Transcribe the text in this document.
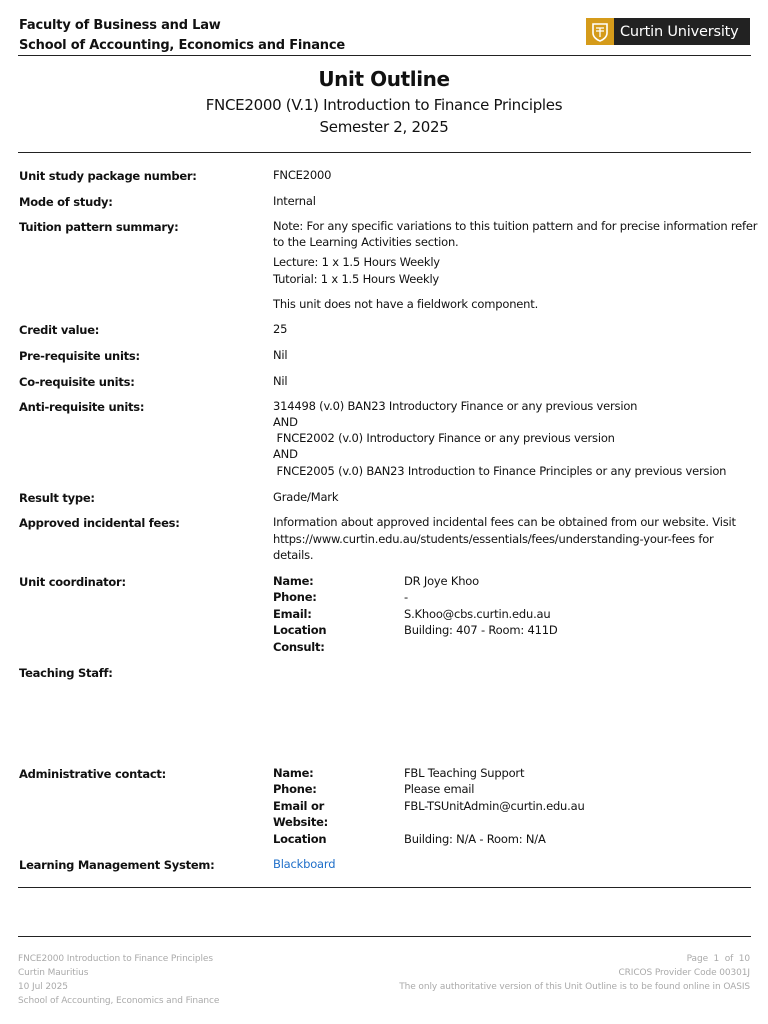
Faculty of Business and Law
School of Accounting, Economics and Finance
Curtin University
Unit Outline
FNCE2000 (V.1) Introduction to Finance Principles
Semester 2, 2025
Unit study package number:	FNCE2000
Mode of study:	Internal
Tuition pattern summary:	Note: For any specific variations to this tuition pattern and for precise information refer
to the Learning Activities section.
Lecture: 1 x 1.5 Hours Weekly
Tutorial: 1 x 1.5 Hours Weekly
This unit does not have a fieldwork component.
Credit value:	25
Pre-requisite units:	Nil
Co-requisite units:	Nil
Anti-requisite units:	314498 (v.0) BAN23 Introductory Finance or any previous version
AND
FNCE2002 (v.0) Introductory Finance or any previous version
AND
FNCE2005 (v.0) BAN23 Introduction to Finance Principles or any previous version
Result type:	Grade/Mark
Approved incidental fees:	Information about approved incidental fees can be obtained from our website. Visit
https://www.curtin.edu.au/students/essentials/fees/understanding-your-fees for
details.
Unit coordinator:	Name:	DR Joye Khoo
Phone:	-
Email:	S.Khoo@cbs.curtin.edu.au
Location	Building: 407 - Room: 411D
Consult:
Teaching Staff:
Administrative contact:	Name:	FBL Teaching Support
Phone:	Please email
Email or	FBL-TSUnitAdmin@curtin.edu.au
Website:
Location	Building: N/A - Room: N/A
Learning Management System:	Blackboard
FNCE2000 Introduction to Finance Principles
Curtin Mauritius
10 Jul 2025
School of Accounting, Economics and Finance
Page 1 of 10
CRICOS Provider Code 00301J
The only authoritative version of this Unit Outline is to be found online in OASIS
